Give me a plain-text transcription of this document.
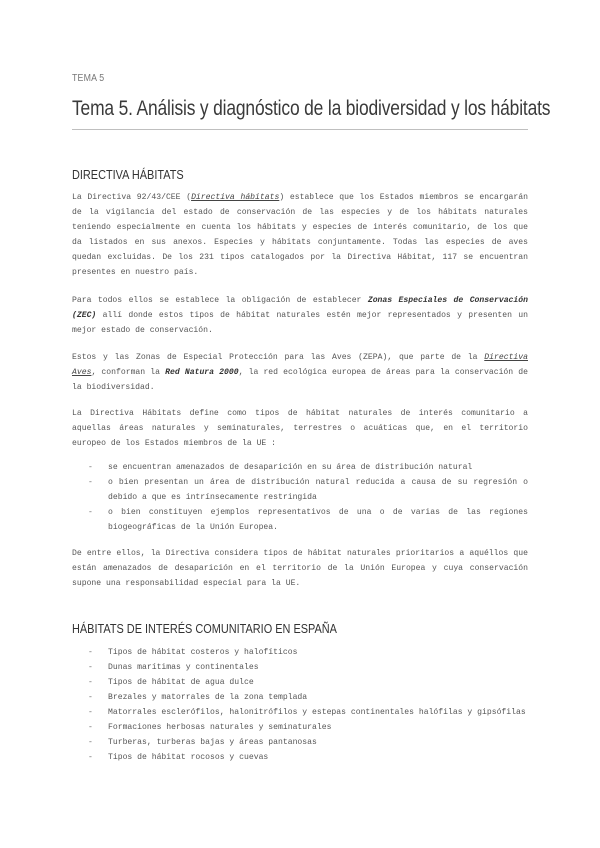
TEMA 5
Tema 5. Análisis y diagnóstico de la biodiversidad y los hábitats
DIRECTIVA HÁBITATS

La Directiva 92/43/CEE (Directiva hábitats) establece que los Estados miembros se encargarán de la vigilancia del estado de conservación de las especies y de los hábitats naturales teniendo especialmente en cuenta los hábitats y especies de interés comunitario, de los que da listados en sus anexos. Especies y hábitats conjuntamente. Todas las especies de aves quedan excluidas. De los 231 tipos catalogados por la Directiva Hábitat, 117 se encuentran presentes en nuestro país.

Para todos ellos se establece la obligación de establecer Zonas Especiales de Conservación (ZEC) allí donde estos tipos de hábitat naturales estén mejor representados y presenten un mejor estado de conservación.

Estos y las Zonas de Especial Protección para las Aves (ZEPA), que parte de la Directiva Aves, conforman la Red Natura 2000, la red ecológica europea de áreas para la conservación de la biodiversidad.

La Directiva Hábitats define como tipos de hábitat naturales de interés comunitario a aquellas áreas naturales y seminaturales, terrestres o acuáticas que, en el territorio europeo de los Estados miembros de la UE :

- se encuentran amenazados de desaparición en su área de distribución natural
- o bien presentan un área de distribución natural reducida a causa de su regresión o debido a que es intrínsecamente restringida
- o bien constituyen ejemplos representativos de una o de varias de las regiones biogeográficas de la Unión Europea.

De entre ellos, la Directiva considera tipos de hábitat naturales prioritarios a aquéllos que están amenazados de desaparición en el territorio de la Unión Europea y cuya conservación supone una responsabilidad especial para la UE.

HÁBITATS DE INTERÉS COMUNITARIO EN ESPAÑA
- Tipos de hábitat costeros y halofíticos
- Dunas marítimas y continentales
- Tipos de hábitat de agua dulce
- Brezales y matorrales de la zona templada
- Matorrales esclerófilos, halonitrófilos y estepas continentales halófilas y gipsófilas
- Formaciones herbosas naturales y seminaturales
- Turberas, turberas bajas y áreas pantanosas
- Tipos de hábitat rocosos y cuevas
